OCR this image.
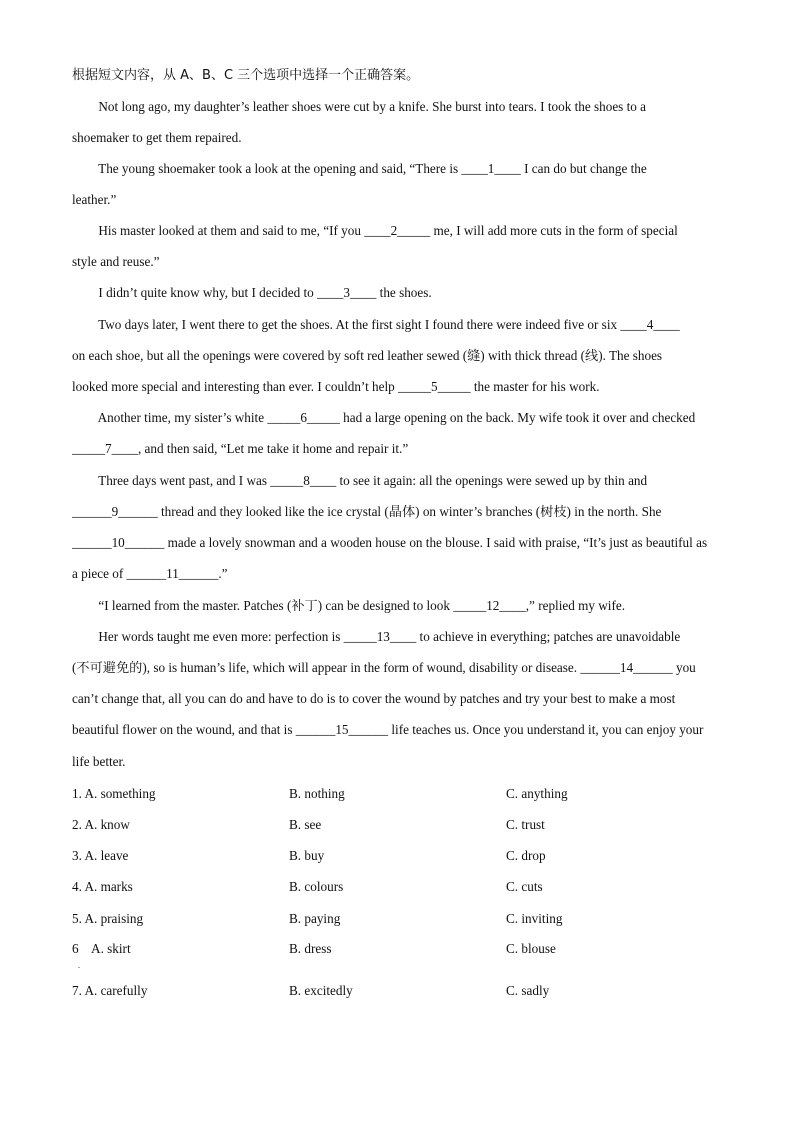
根据短文内容，从 A、B、C 三个选项中选择一个正确答案。
Not long ago, my daughter’s leather shoes were cut by a knife. She burst into tears. I took the shoes to a
shoemaker to get them repaired.
The young shoemaker took a look at the opening and said, “There is ____1____ I can do but change the
leather.”
His master looked at them and said to me, “If you ____2_____ me, I will add more cuts in the form of special
style and reuse.”
I didn’t quite know why, but I decided to ____3____ the shoes.
Two days later, I went there to get the shoes. At the first sight I found there were indeed five or six ____4____
on each shoe, but all the openings were covered by soft red leather sewed (缝) with thick thread (线). The shoes
looked more special and interesting than ever. I couldn’t help _____5_____ the master for his work.
Another time, my sister’s white _____6_____ had a large opening on the back. My wife took it over and checked
_____7____, and then said, “Let me take it home and repair it.”
Three days went past, and I was _____8____ to see it again: all the openings were sewed up by thin and
______9______ thread and they looked like the ice crystal (晶体) on winter’s branches (树枝) in the north. She
______10______ made a lovely snowman and a wooden house on the blouse. I said with praise, “It’s just as beautiful as
a piece of ______11______.”
“I learned from the master. Patches (补丁) can be designed to look _____12____,” replied my wife.
Her words taught me even more: perfection is _____13____ to achieve in everything; patches are unavoidable
(不可避免的), so is human’s life, which will appear in the form of wound, disability or disease. ______14______ you
can’t change that, all you can do and have to do is to cover the wound by patches and try your best to make a most
beautiful flower on the wound, and that is ______15______ life teaches us. Once you understand it, you can enjoy your
life better.
1. A. something	B. nothing	C. anything
2. A. know	B. see	C. trust
3. A. leave	B. buy	C. drop
4. A. marks	B. colours	C. cuts
5. A. praising	B. paying	C. inviting
6    A. skirt	B. dress	C. blouse
.
7. A. carefully	B. excitedly	C. sadly
